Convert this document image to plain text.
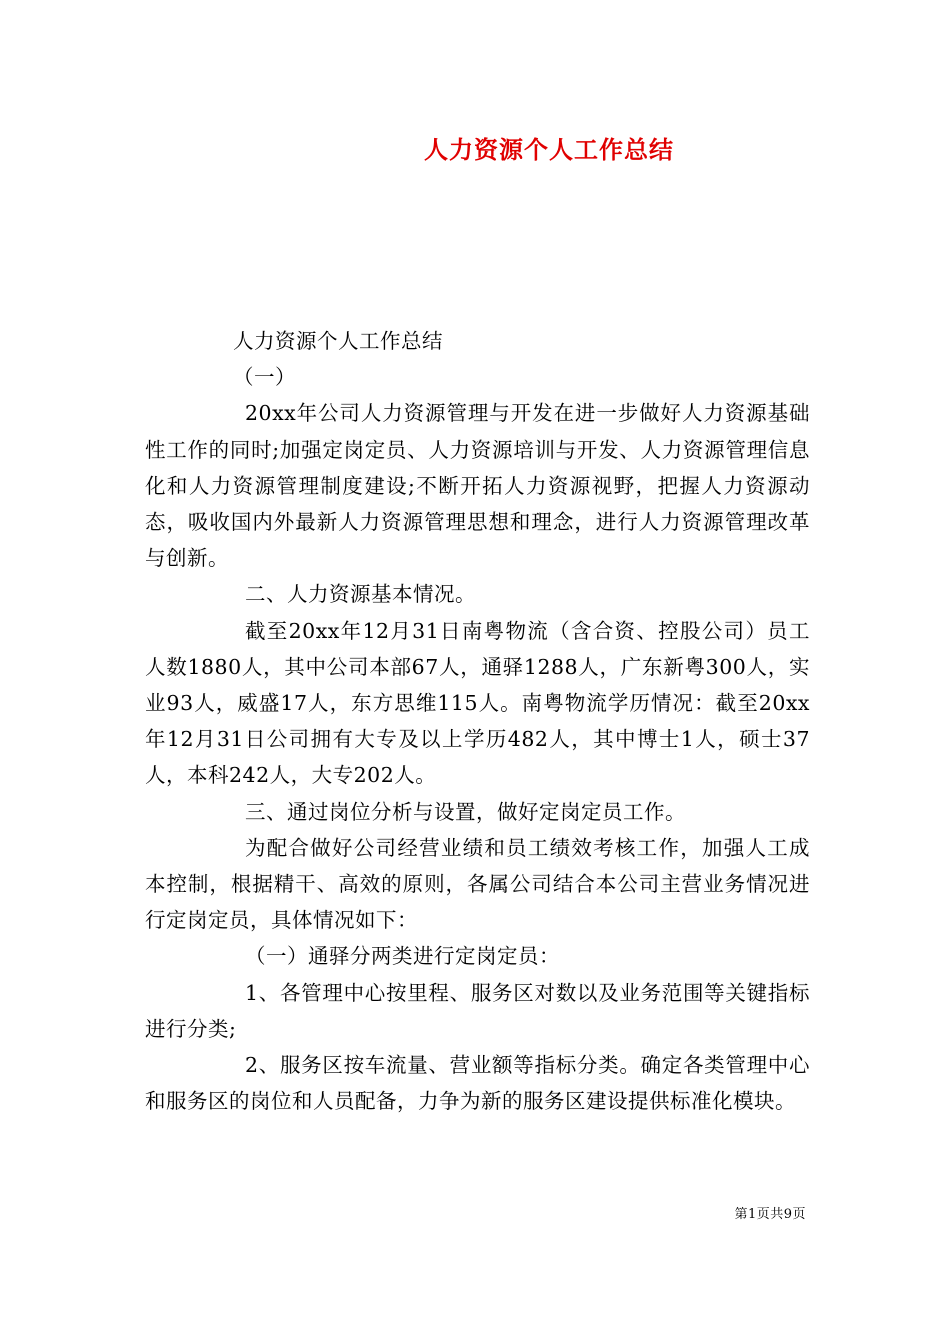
人力资源个人工作总结

人力资源个人工作总结

（一）

20xx年公司人力资源管理与开发在进一步做好人力资源基础性工作的同时;加强定岗定员、人力资源培训与开发、人力资源管理信息化和人力资源管理制度建设;不断开拓人力资源视野，把握人力资源动态，吸收国内外最新人力资源管理思想和理念，进行人力资源管理改革与创新。

二、人力资源基本情况。

截至20xx年12月31日南粤物流（含合资、控股公司）员工人数1880人，其中公司本部67人，通驿1288人，广东新粤300人，实业93人，威盛17人，东方思维115人。南粤物流学历情况：截至20xx年12月31日公司拥有大专及以上学历482人，其中博士1人，硕士37人，本科242人，大专202人。

三、通过岗位分析与设置，做好定岗定员工作。

为配合做好公司经营业绩和员工绩效考核工作，加强人工成本控制，根据精干、高效的原则，各属公司结合本公司主营业务情况进行定岗定员，具体情况如下：

（一）通驿分两类进行定岗定员：

1、各管理中心按里程、服务区对数以及业务范围等关键指标进行分类;

2、服务区按车流量、营业额等指标分类。确定各类管理中心和服务区的岗位和人员配备，力争为新的服务区建设提供标准化模块。

第1页共9页
